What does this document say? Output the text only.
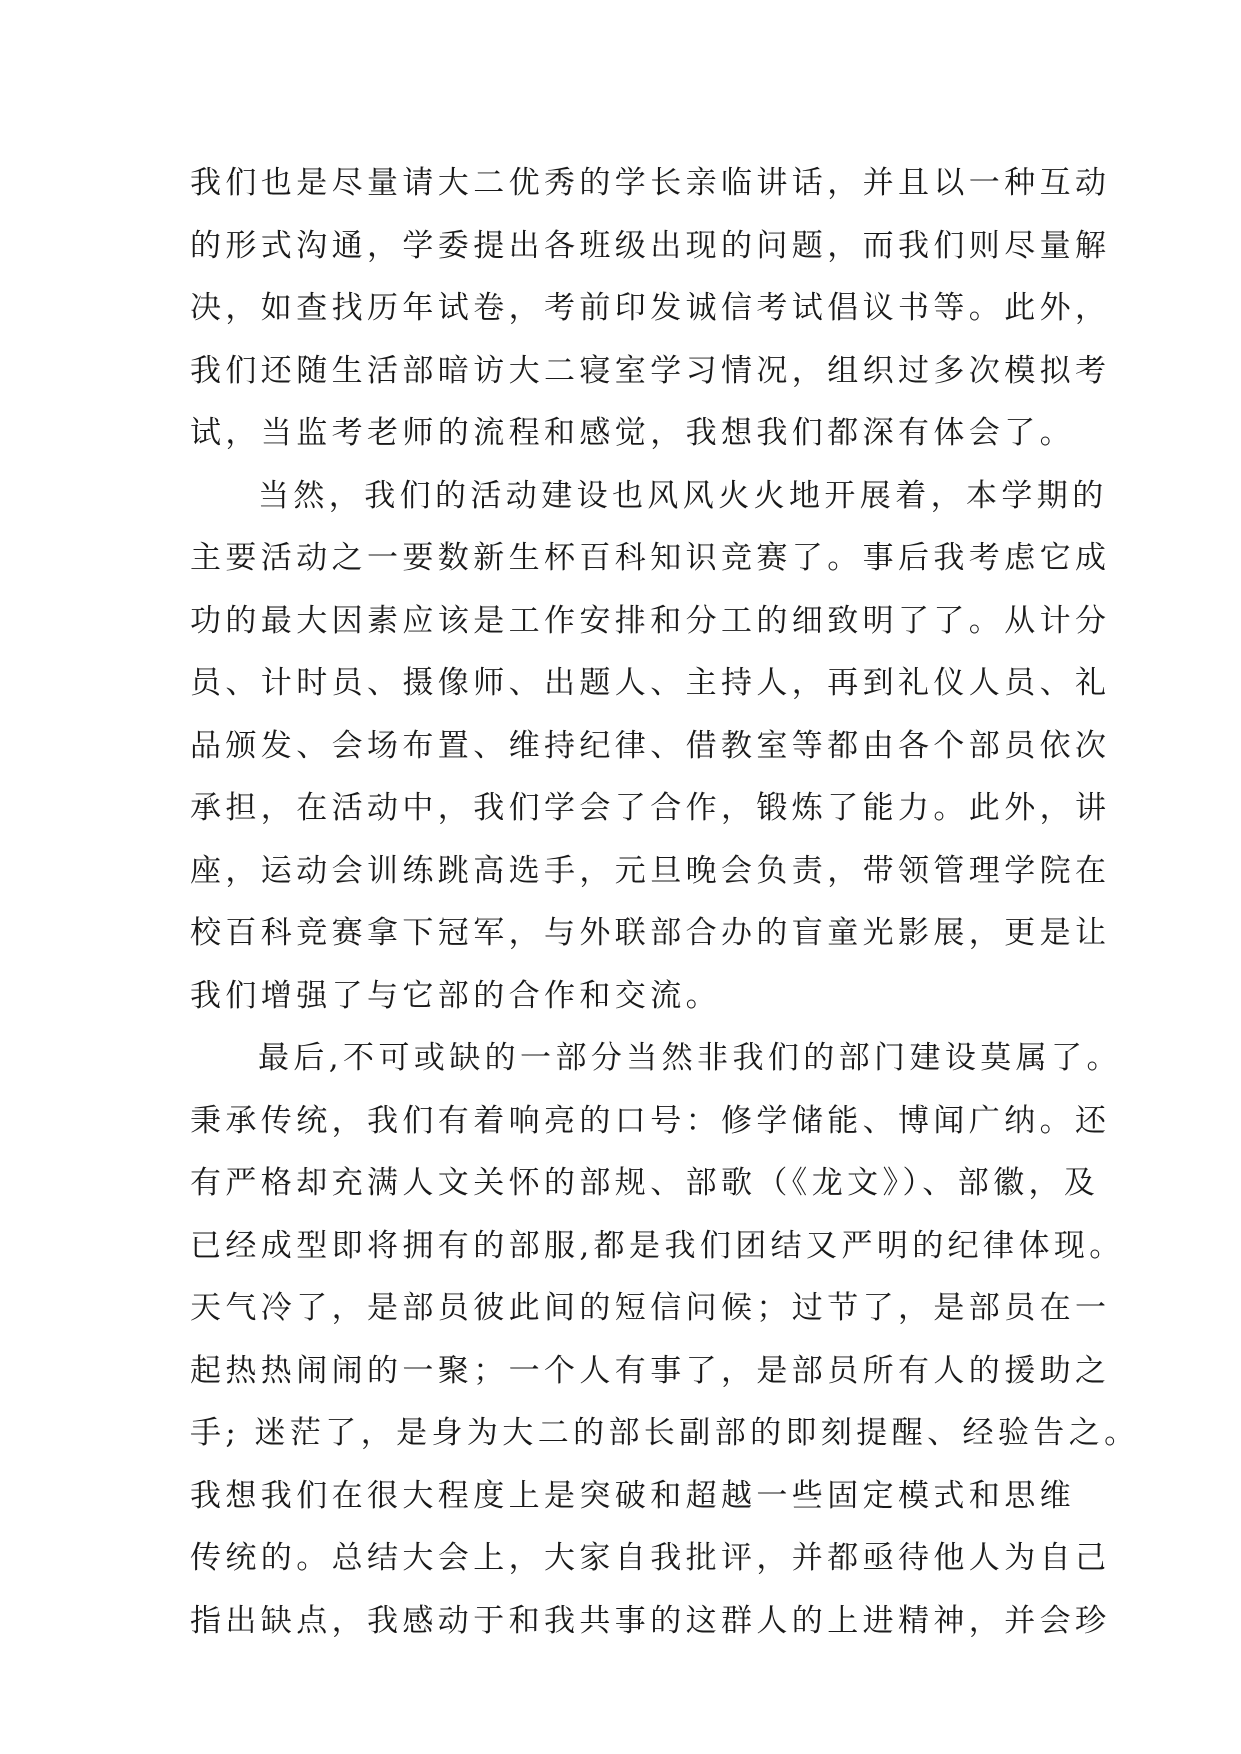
我们也是尽量请大二优秀的学长亲临讲话，并且以一种互动
的形式沟通，学委提出各班级出现的问题，而我们则尽量解
决，如查找历年试卷，考前印发诚信考试倡议书等。此外，
我们还随生活部暗访大二寝室学习情况，组织过多次模拟考
试，当监考老师的流程和感觉，我想我们都深有体会了。
当然，我们的活动建设也风风火火地开展着，本学期的
主要活动之一要数新生杯百科知识竞赛了。事后我考虑它成
功的最大因素应该是工作安排和分工的细致明了了。从计分
员、计时员、摄像师、出题人、主持人，再到礼仪人员、礼
品颁发、会场布置、维持纪律、借教室等都由各个部员依次
承担，在活动中，我们学会了合作，锻炼了能力。此外，讲
座，运动会训练跳高选手，元旦晚会负责，带领管理学院在
校百科竞赛拿下冠军，与外联部合办的盲童光影展，更是让
我们增强了与它部的合作和交流。
最后,不可或缺的一部分当然非我们的部门建设莫属了。
秉承传统，我们有着响亮的口号：修学储能、博闻广纳。还
有严格却充满人文关怀的部规、部歌（《龙文》）、部徽，及
已经成型即将拥有的部服,都是我们团结又严明的纪律体现。
天气冷了，是部员彼此间的短信问候；过节了，是部员在一
起热热闹闹的一聚；一个人有事了，是部员所有人的援助之
手; 迷茫了，是身为大二的部长副部的即刻提醒、经验告之。
我想我们在很大程度上是突破和超越一些固定模式和思维
传统的。总结大会上，大家自我批评，并都亟待他人为自己
指出缺点，我感动于和我共事的这群人的上进精神，并会珍
